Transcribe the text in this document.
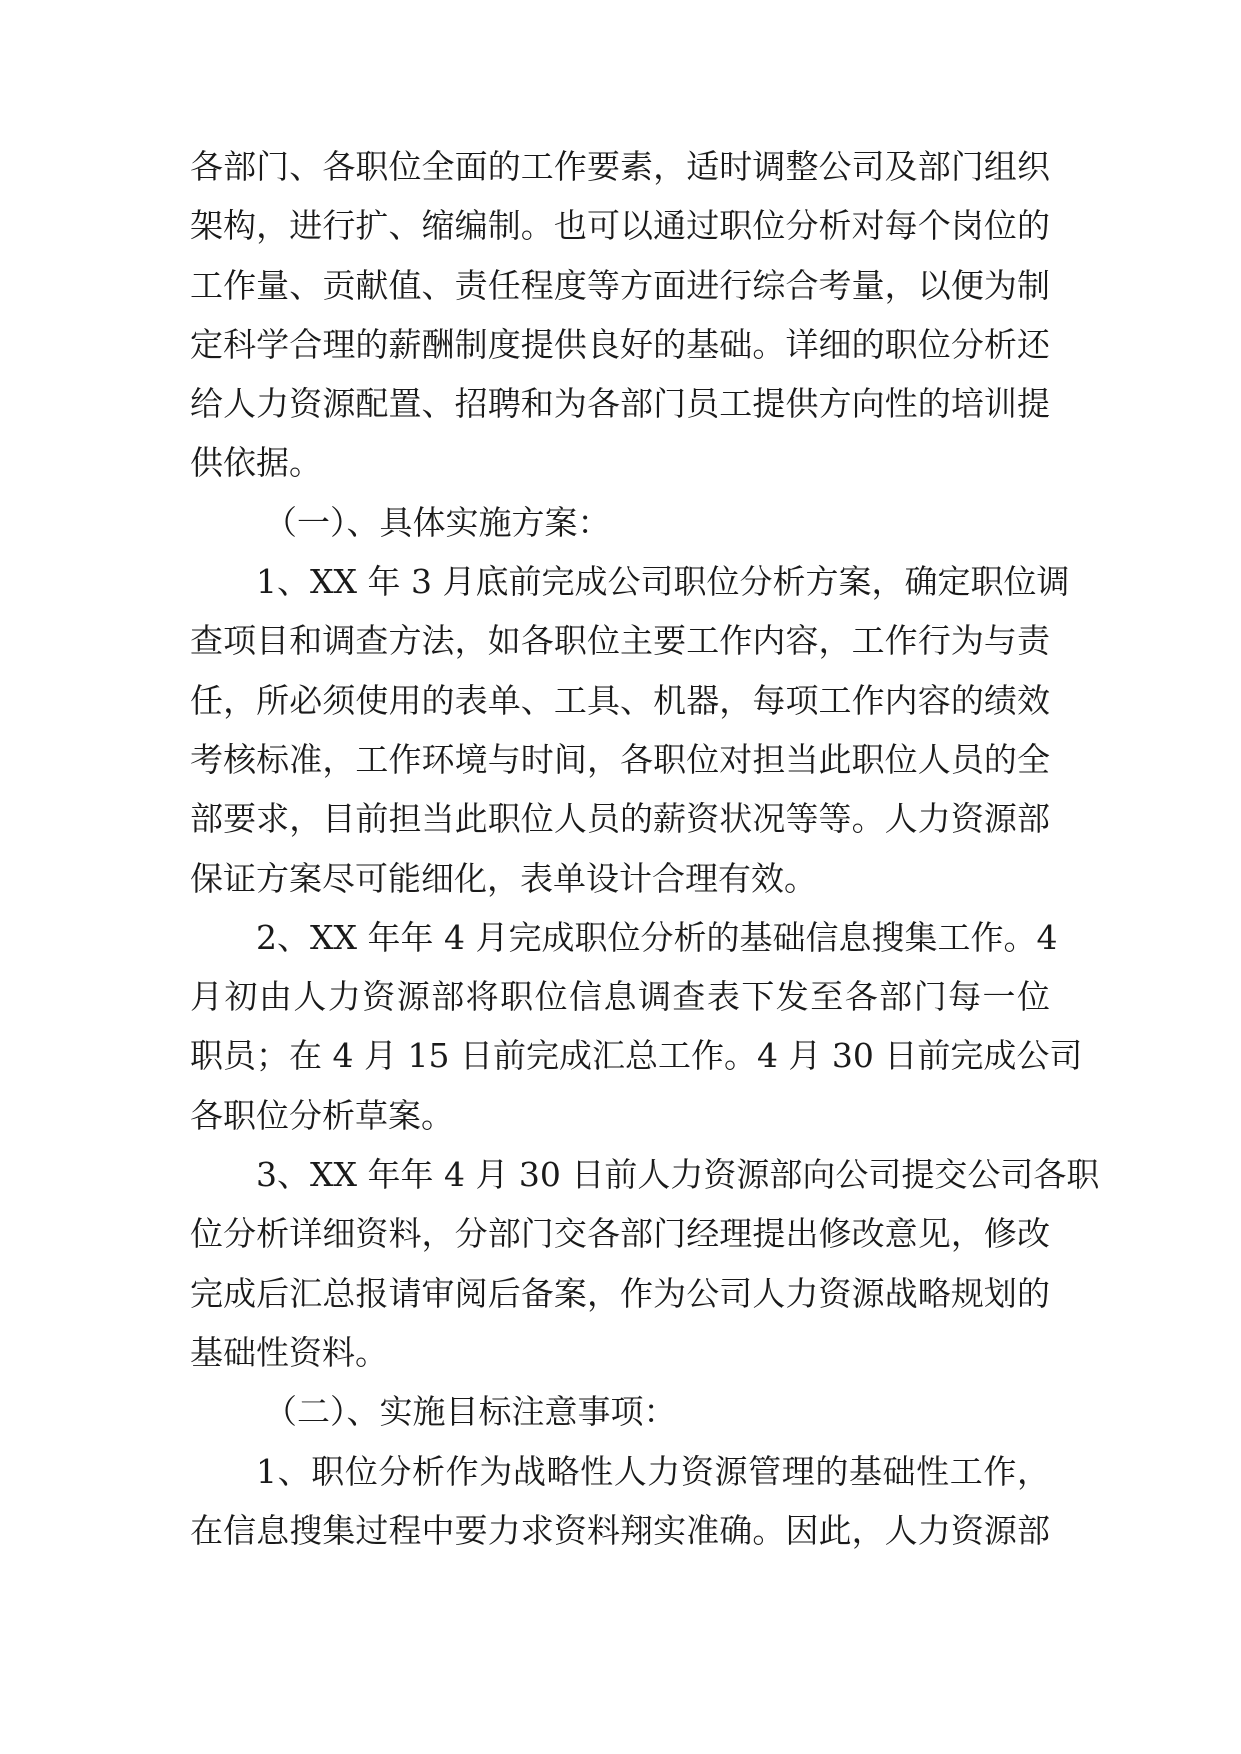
各部门、各职位全面的工作要素，适时调整公司及部门组织
架构，进行扩、缩编制。也可以通过职位分析对每个岗位的
工作量、贡献值、责任程度等方面进行综合考量，以便为制
定科学合理的薪酬制度提供良好的基础。详细的职位分析还
给人力资源配置、招聘和为各部门员工提供方向性的培训提
供依据。
（一）、具体实施方案：
1、XX 年 3 月底前完成公司职位分析方案，确定职位调
查项目和调查方法，如各职位主要工作内容，工作行为与责
任，所必须使用的表单、工具、机器，每项工作内容的绩效
考核标准，工作环境与时间，各职位对担当此职位人员的全
部要求，目前担当此职位人员的薪资状况等等。人力资源部
保证方案尽可能细化，表单设计合理有效。
2、XX 年年 4 月完成职位分析的基础信息搜集工作。4
月初由人力资源部将职位信息调查表下发至各部门每一位
职员；在 4 月 15 日前完成汇总工作。4 月 30 日前完成公司
各职位分析草案。
3、XX 年年 4 月 30 日前人力资源部向公司提交公司各职
位分析详细资料，分部门交各部门经理提出修改意见，修改
完成后汇总报请审阅后备案，作为公司人力资源战略规划的
基础性资料。
（二）、实施目标注意事项：
1、职位分析作为战略性人力资源管理的基础性工作，
在信息搜集过程中要力求资料翔实准确。因此，人力资源部
